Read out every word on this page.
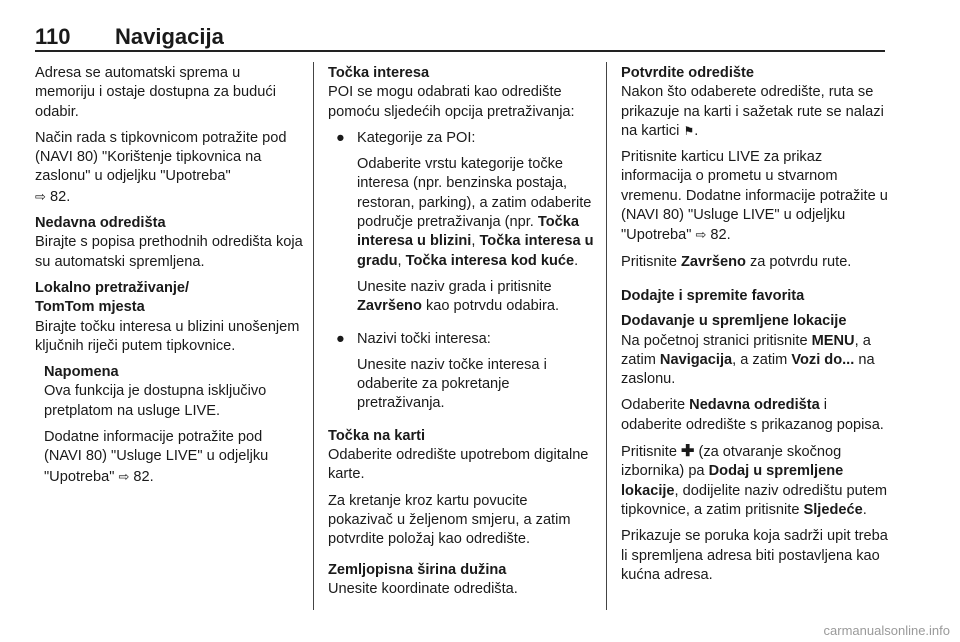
110	Navigacija

Adresa se automatski sprema u memoriju i ostaje dostupna za budući odabir.

Način rada s tipkovnicom potražite pod (NAVI 80) "Korištenje tipkovnica na zaslonu" u odjeljku "Upotreba"
⇨ 82.

Nedavna odredišta

Birajte s popisa prethodnih odredišta koja su automatski spremljena.

Lokalno pretraživanje/
TomTom mjesta

Birajte točku interesa u blizini unošenjem ključnih riječi putem tipkovnice.

Napomena

Ova funkcija je dostupna isključivo pretplatom na usluge LIVE.

Dodatne informacije potražite pod (NAVI 80) "Usluge LIVE" u odjeljku "Upotreba" ⇨ 82.

Točka interesa

POI se mogu odabrati kao odredište pomoću sljedećih opcija pretraživanja:

● Kategorije za POI:

Odaberite vrstu kategorije točke interesa (npr. benzinska postaja, restoran, parking), a zatim odaberite područje pretraživanja (npr. Točka interesa u blizini, Točka interesa u gradu, Točka interesa kod kuće.

Unesite naziv grada i pritisnite Završeno kao potrvdu odabira.

● Nazivi točki interesa:

Unesite naziv točke interesa i odaberite za pokretanje pretraživanja.

Točka na karti

Odaberite odredište upotrebom digitalne karte.

Za kretanje kroz kartu povucite pokazivač u željenom smjeru, a zatim potvrdite položaj kao odredište.

Zemljopisna širina dužina

Unesite koordinate odredišta.

Potvrdite odredište

Nakon što odaberete odredište, ruta se prikazuje na karti i sažetak rute se nalazi na kartici ⚑.

Pritisnite karticu LIVE za prikaz informacija o prometu u stvarnom vremenu. Dodatne informacije potražite u (NAVI 80) "Usluge LIVE" u odjeljku "Upotreba" ⇨ 82.

Pritisnite Završeno za potvrdu rute.

Dodajte i spremite favorita

Dodavanje u spremljene lokacije

Na početnoj stranici pritisnite MENU, a zatim Navigacija, a zatim Vozi do... na zaslonu.

Odaberite Nedavna odredišta i odaberite odredište s prikazanog popisa.

Pritisnite ✚ (za otvaranje skočnog izbornika) pa Dodaj u spremljene lokacije, dodijelite naziv odredištu putem tipkovnice, a zatim pritisnite Sljedeće.

Prikazuje se poruka koja sadrži upit treba li spremljena adresa biti postavljena kao kućna adresa.

carmanualsonline.info
